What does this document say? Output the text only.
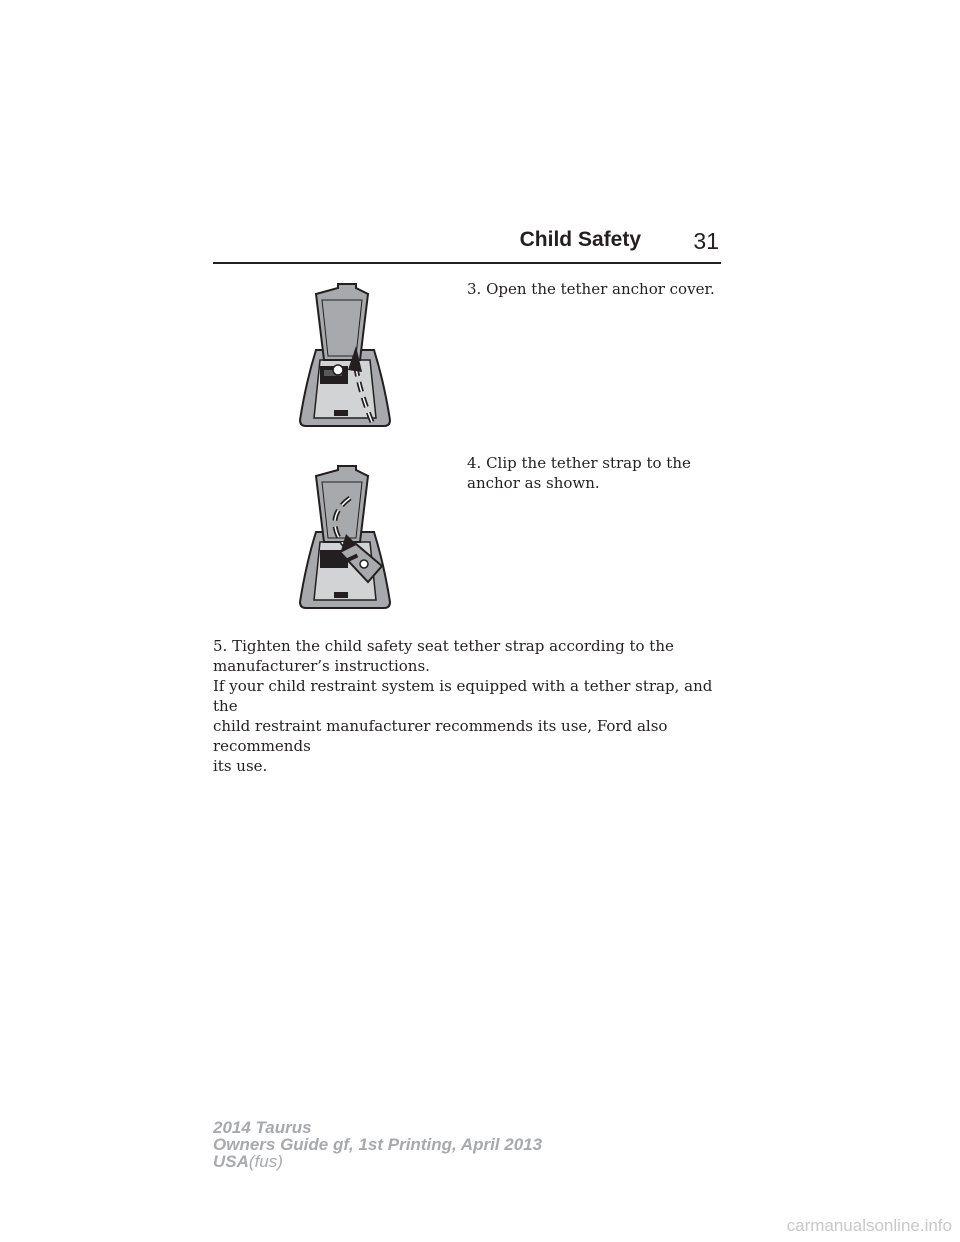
Child Safety 31
3. Open the tether anchor cover.
4. Clip the tether strap to the
anchor as shown.
5. Tighten the child safety seat tether strap according to the
manufacturer’s instructions.
If your child restraint system is equipped with a tether strap, and the
child restraint manufacturer recommends its use, Ford also recommends
its use.
2014 Taurus
Owners Guide gf, 1st Printing, April 2013
USA(fus)
carmanualsonline.info
